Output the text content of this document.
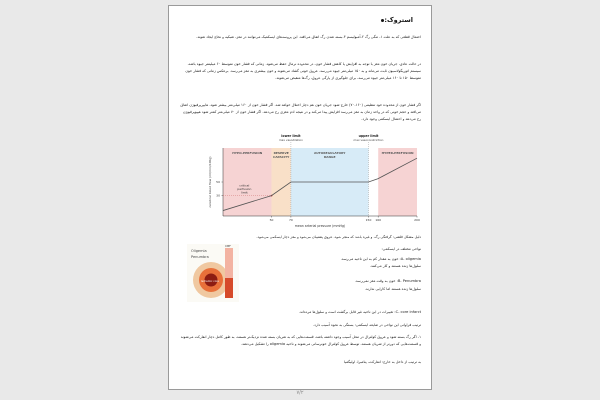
استروک:
احتمال قطعی که به علت ۱- تنگی رگ ۲-آمبولیسم ۳-بسته شدن رگ اتفاق می‌افتد. این پروسه‌های ایسکمیک می‌توانند در مغز، شبکیه و نخاع ایجاد شوند.
در حالت عادی، جریان خون مغز با توجه به افزایش یا کاهش فشار خون، در محدوده نرمال حفظ می‌شود. زمانی که فشار خون متوسط ۶۰ میلیمتر جیوه باشد، سیستم اتوریگولاسیون ثابت می‌ماند و به ۱۵۰ میلی‌متر جیوه می‌رسد. عروق خونی گشاد می‌شوند و خون بیشتری به مغز می‌رسد. برعکس زمانی که فشار خون متوسط ۱۵۰ تا ۱۶۰ میلی‌متر جیوه می‌رسد، برای جلوگیری از پارگی عروق، رگ‌ها منقبض می‌شوند.
اگر فشار خون از محدوده خود تنظیمی (۱۶۰-۷۰) خارج شود جریان خون هم دچار اختلال خواهد شد. اگر فشار خون از ۱۶۰ میلی‌متر بیشتر شود، هایپرپرفیوژن اتفاق می‌افتد و حجم خونی که در واحد زمان به مغز می‌رسد افزایش پیدا می‌کند و در نتیجه ادم مغزی رخ می‌دهد. اگر فشار خون از ۷۰ میلی‌متر کمتر شود هیپوپرفیوژن رخ می‌دهد و احتمال ایسکمی وجود دارد.
HYPO-PERFUSION	RESERVE
CAPACITY
AUTOREGULATORY
RANGE
HYPER-PERFUSION
lower limit
max vasodilation
upper limit
max vasoconstriction
50	70	150 160	200
30
50
mean arterial pressure (mmHg)
cerebral blood flow (ml/min/100g)	critical
perfusion
limit
دلیل مشکل فلشی: گرفتگی رگ، و غیره باشد که منجر شود. عروق پشتیبان می‌شود و مغز دچار ایسکمی می‌شود.
Oligemia
Penumbra
Ischemic core
CBF
نواحی مختلف در ایسکمی:
A- oligemia: خون به مقدار کم به این ناحیه می‌رسد.
سلول‌ها زنده هستند و کار می‌کنند.
B- Penumbra: خون به وقت مغز نمی‌رسد.
سلول‌ها زنده هستند اما کارایی ندارند.
C- core infarct: تغییرات در این ناحیه غیر قابل برگشت است و سلول‌ها مرده‌اند.
ترتیب فراوانی این نواحی در ضایعه ایسکمی: بستگی به نحوه آسیب دارد.
۱- اگر رگ بسته شود و عروق کولترال در محل آسیب وجود داشته باشد، قسمت‌هایی که به شریان بسته شده نزدیک‌تر هستند، به طور کامل دچار انفارکت می‌شوند و قسمت‌هایی که دورتر از شریان هستند، توسط عروق کولترال خونرسانی می‌شوند و ناحیه oligemia را تشکیل می‌دهند.
به ترتیب از داخل به خارج: انفارکت، پنامبرا، اولیگمیا
۷/۲
